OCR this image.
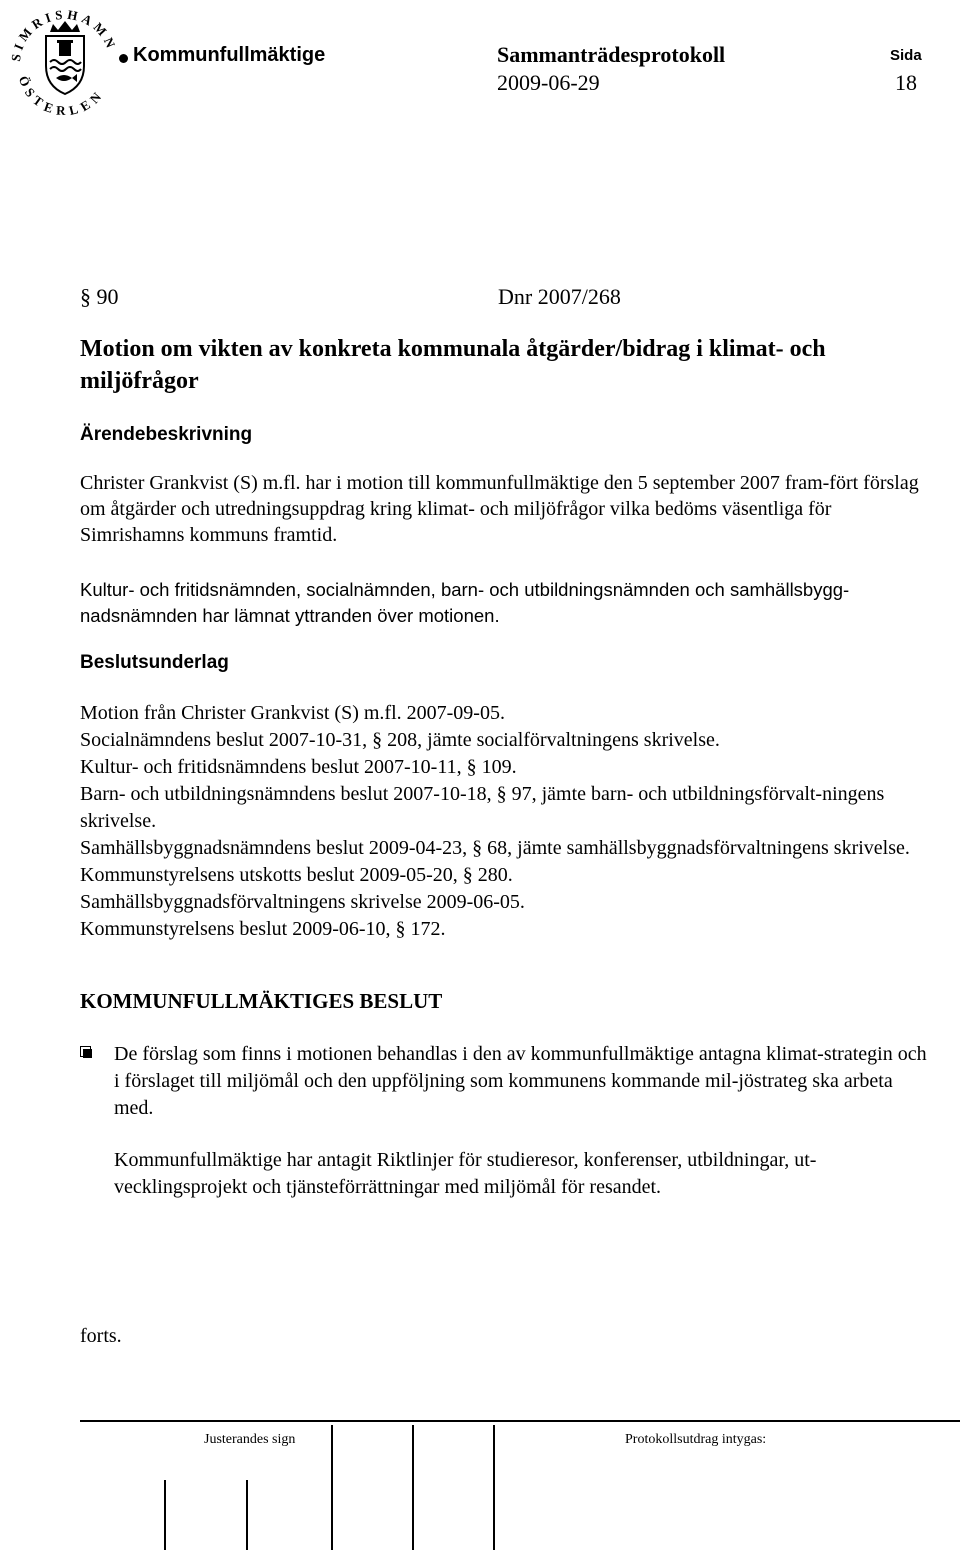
SIMRISHAMN
ÖSTERLEN
Kommunfullmäktige	Sammanträdesprotokoll
2009-06-29
Sida
18
§ 90	Dnr 2007/268
Motion om vikten av konkreta kommunala åtgärder/bidrag i klimat- och miljöfrågor
Ärendebeskrivning
Christer Grankvist (S) m.fl. har i motion till kommunfullmäktige den 5 september 2007 fram-fört förslag om åtgärder och utredningsuppdrag kring klimat- och miljöfrågor vilka bedöms väsentliga för Simrishamns kommuns framtid.
Kultur- och fritidsnämnden, socialnämnden, barn- och utbildningsnämnden och samhällsbygg-nadsnämnden har lämnat yttranden över motionen.
Beslutsunderlag
Motion från Christer Grankvist (S) m.fl. 2007-09-05.
Socialnämndens beslut 2007-10-31, § 208, jämte socialförvaltningens skrivelse.
Kultur- och fritidsnämndens beslut 2007-10-11, § 109.
Barn- och utbildningsnämndens beslut 2007-10-18, § 97, jämte barn- och utbildningsförvalt-ningens skrivelse.
Samhällsbyggnadsnämndens beslut 2009-04-23, § 68, jämte samhällsbyggnadsförvaltningens skrivelse.
Kommunstyrelsens utskotts beslut 2009-05-20, § 280.
Samhällsbyggnadsförvaltningens skrivelse 2009-06-05.
Kommunstyrelsens beslut 2009-06-10, § 172.
KOMMUNFULLMÄKTIGES BESLUT
De förslag som finns i motionen behandlas i den av kommunfullmäktige antagna klimat-strategin och i förslaget till miljömål och den uppföljning som kommunens kommande mil-jöstrateg ska arbeta med.
Kommunfullmäktige har antagit Riktlinjer för studieresor, konferenser, utbildningar, ut-vecklingsprojekt och tjänsteförrättningar med miljömål för resandet.
forts.
Justerandes sign	Protokollsutdrag intygas:
